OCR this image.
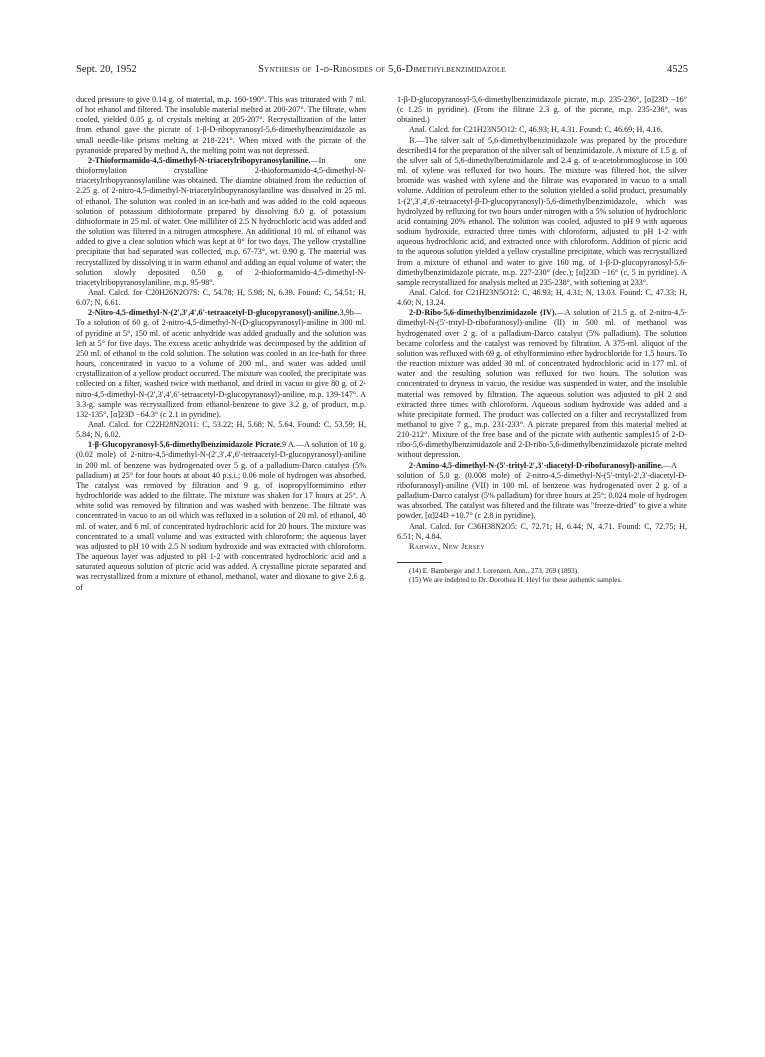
Sept. 20, 1952	Synthesis of 1-d-Ribosides of 5,6-Dimethylbenzimidazole	4525

duced pressure to give 0.14 g. of material, m.p. 160-190°. This was triturated with 7 ml. of hot ethanol and filtered. The insoluble material melted at 200-207°. The filtrate, when cooled, yielded 0.05 g. of crystals melting at 205-207°. Recrystallization of the latter from ethanol gave the picrate of 1-β-D-ribopyranosyl-5,6-dimethylbenzimidazole as small needle-like prisms melting at 218-221°. When mixed with the picrate of the pyranoside prepared by method A, the melting point was not depressed.

2-Thioformamido-4,5-dimethyl-N-triacetylribopyranosylaniline.—In one thioformylation crystalline 2-thioformamido-4,5-dimethyl-N-triacetylribopyranosylaniline was obtained. The diamine obtained from the reduction of 2.25 g. of 2-nitro-4,5-dimethyl-N-triacetylribopyranosylaniline was dissolved in 25 ml. of ethanol. The solution was cooled in an ice-bath and was added to the cold aqueous solution of potassium dithioformate prepared by dissolving 8.0 g. of potassium dithioformate in 25 ml. of water. One milliliter of 2.5 N hydrochloric acid was added and the solution was filtered in a nitrogen atmosphere. An additional 10 ml. of ethanol was added to give a clear solution which was kept at 0° for two days. The yellow crystalline precipitate that had separated was collected, m.p. 67-73°, wt. 0.90 g. The material was recrystallized by dissolving it in warm ethanol and adding an equal volume of water; the solution slowly deposited 0.50 g. of 2-thioformamido-4,5-dimethyl-N-triacetylribopyranosylaniline, m.p. 95-98°.

Anal. Calcd. for C20H26N2O7S: C, 54.78; H, 5.98; N, 6.39. Found: C, 54.51; H, 6.07; N, 6.61.

2-Nitro-4,5-dimethyl-N-(2′,3′,4′,6′-tetraacetyl-D-glucopyranosyl)-aniline.3,9b—To a solution of 60 g. of 2-nitro-4,5-dimethyl-N-(D-glucopyranosyl)-aniline in 300 ml. of pyridine at 5°, 150 ml. of acetic anhydride was added gradually and the solution was left at 5° for five days. The excess acetic anhydride was decomposed by the addition of 250 ml. of ethanol to the cold solution. The solution was cooled in an ice-bath for three hours, concentrated in vacuo to a volume of 200 ml., and water was added until crystallization of a yellow product occurred. The mixture was cooled, the precipitate was collected on a filter, washed twice with methanol, and dried in vacuo to give 80 g. of 2-nitro-4,5-dimethyl-N-(2′,3′,4′,6′-tetraacetyl-D-glucopyranosyl)-aniline, m.p. 139-147°. A 3.3-g. sample was recrystallized from ethanol-benzene to give 3.2 g. of product, m.p. 132-135°, [α]23D −64.3° (c 2.1 in pyridine).

Anal. Calcd. for C22H28N2O11: C, 53.22; H, 5.68; N, 5.64. Found: C, 53.59; H, 5.84; N, 6.02.

1-β-Glucopyranosyl-5,6-dimethylbenzimidazole Picrate.9 A.—A solution of 10 g. (0.02 mole) of 2-nitro-4,5-dimethyl-N-(2′,3′,4′,6′-tetraacetyl-D-glucopyranosyl)-aniline in 200 ml. of benzene was hydrogenated over 5 g. of a palladium-Darco catalyst (5% palladium) at 25° for four hours at about 40 p.s.i.; 0.06 mole of hydrogen was absorbed. The catalyst was removed by filtration and 9 g. of isopropylformimino ether hydrochloride was added to the filtrate. The mixture was shaken for 17 hours at 25°. A white solid was removed by filtration and was washed with benzene. The filtrate was concentrated in vacuo to an oil which was refluxed in a solution of 20 ml. of ethanol, 40 ml. of water, and 6 ml. of concentrated hydrochloric acid for 20 hours. The mixture was concentrated to a small volume and was extracted with chloroform; the aqueous layer was adjusted to pH 10 with 2.5 N sodium hydroxide and was extracted with chloroform. The aqueous layer was adjusted to pH 1-2 with concentrated hydrochloric acid and a saturated aqueous solution of picric acid was added. A crystalline picrate separated and was recrystallized from a mixture of ethanol, methanol, water and dioxane to give 2.6 g. of

1-β-D-glucopyranosyl-5,6-dimethylbenzimidazole picrate, m.p. 235-236°, [α]23D −16° (c 1.25 in pyridine). (From the filtrate 2.3 g. of the picrate, m.p. 235-236°, was obtained.)

Anal. Calcd. for C21H23N5O12: C, 46.93; H, 4.31. Found: C, 46.69; H, 4.16.

B.—The silver salt of 5,6-dimethylbenzimidazole was prepared by the procedure described14 for the preparation of the silver salt of benzimidazole. A mixture of 1.5 g. of the silver salt of 5,6-dimethylbenzimidazole and 2.4 g. of α-acetobromoglucose in 100 ml. of xylene was refluxed for two hours. The mixture was filtered hot, the silver bromide was washed with xylene and the filtrate was evaporated in vacuo to a small volume. Addition of petroleum ether to the solution yielded a solid product, presumably 1-(2′,3′,4′,6′-tetraacetyl-β-D-glucopyranosyl)-5,6-dimethylbenzimidazole, which was hydrolyzed by refluxing for two hours under nitrogen with a 5% solution of hydrochloric acid containing 20% ethanol. The solution was cooled, adjusted to pH 9 with aqueous sodium hydroxide, extracted three times with chloroform, adjusted to pH 1-2 with aqueous hydrochloric acid, and extracted once with chloroform. Addition of picric acid to the aqueous solution yielded a yellow crystalline precipitate, which was recrystallized from a mixture of ethanol and water to give 160 mg. of 1-β-D-glucopyranosyl-5,6-dimethylbenzimidazole picrate, m.p. 227-230° (dec.); [α]23D −16° (c, 5 in pyridine). A sample recrystallized for analysis melted at 235-238°, with softening at 233°.

Anal. Calcd. for C21H23N5O12: C, 46.93; H, 4.31; N, 13.03. Found: C, 47.33; H, 4.60; N, 13.24.

2-D-Ribo-5,6-dimethylbenzimidazole (IV).—A solution of 21.5 g. of 2-nitro-4,5-dimethyl-N-(5′-trityl-D-ribofuranosyl)-aniline (II) in 500 ml. of methanol was hydrogenated over 2 g. of a palladium-Darco catalyst (5% palladium). The solution became colorless and the catalyst was removed by filtration. A 375-ml. aliquot of the solution was refluxed with 69 g. of ethylformimino ether hydrochloride for 1.5 hours. To the reaction mixture was added 30 ml. of concentrated hydrochloric acid in 177 ml. of water and the resulting solution was refluxed for two hours. The solution was concentrated to dryness in vacuo, the residue was suspended in water, and the insoluble material was removed by filtration. The aqueous solution was adjusted to pH 2 and extracted three times with chloroform. Aqueous sodium hydroxide was added and a white precipitate formed. The product was collected on a filter and recrystallized from methanol to give 7 g., m.p. 231-233°. A picrate prepared from this material melted at 210-212°. Mixture of the free base and of the picrate with authentic samples15 of 2-D-ribo-5,6-dimethylbenzimidazole and 2-D-ribo-5,6-dimethylbenzimidazole picrate melted without depression.

2-Amino-4,5-dimethyl-N-(5′-trityl-2′,3′-diacetyl-D-ribofuranosyl)-aniline.—A solution of 5.0 g. (0.008 mole) of 2-nitro-4,5-dimethyl-N-(5′-trityl-2′,3′-diacetyl-D-ribofuranosyl)-aniline (VII) in 100 ml. of benzene was hydrogenated over 2 g. of a palladium-Darco catalyst (5% palladium) for three hours at 25°; 0.024 mole of hydrogen was absorbed. The catalyst was filtered and the filtrate was "freeze-dried" to give a white powder, [α]24D +10.7° (c 2.8 in pyridine).

Anal. Calcd. for C36H38N2O5: C, 72.71; H, 6.44; N, 4.71. Found: C, 72.75; H, 6.51; N, 4.84.

Rahway, New Jersey

(14) E. Bamberger and J. Lorenzen, Ann., 273, 269 (1893).

(15) We are indebted to Dr. Dorothea H. Heyl for these authentic samples.
